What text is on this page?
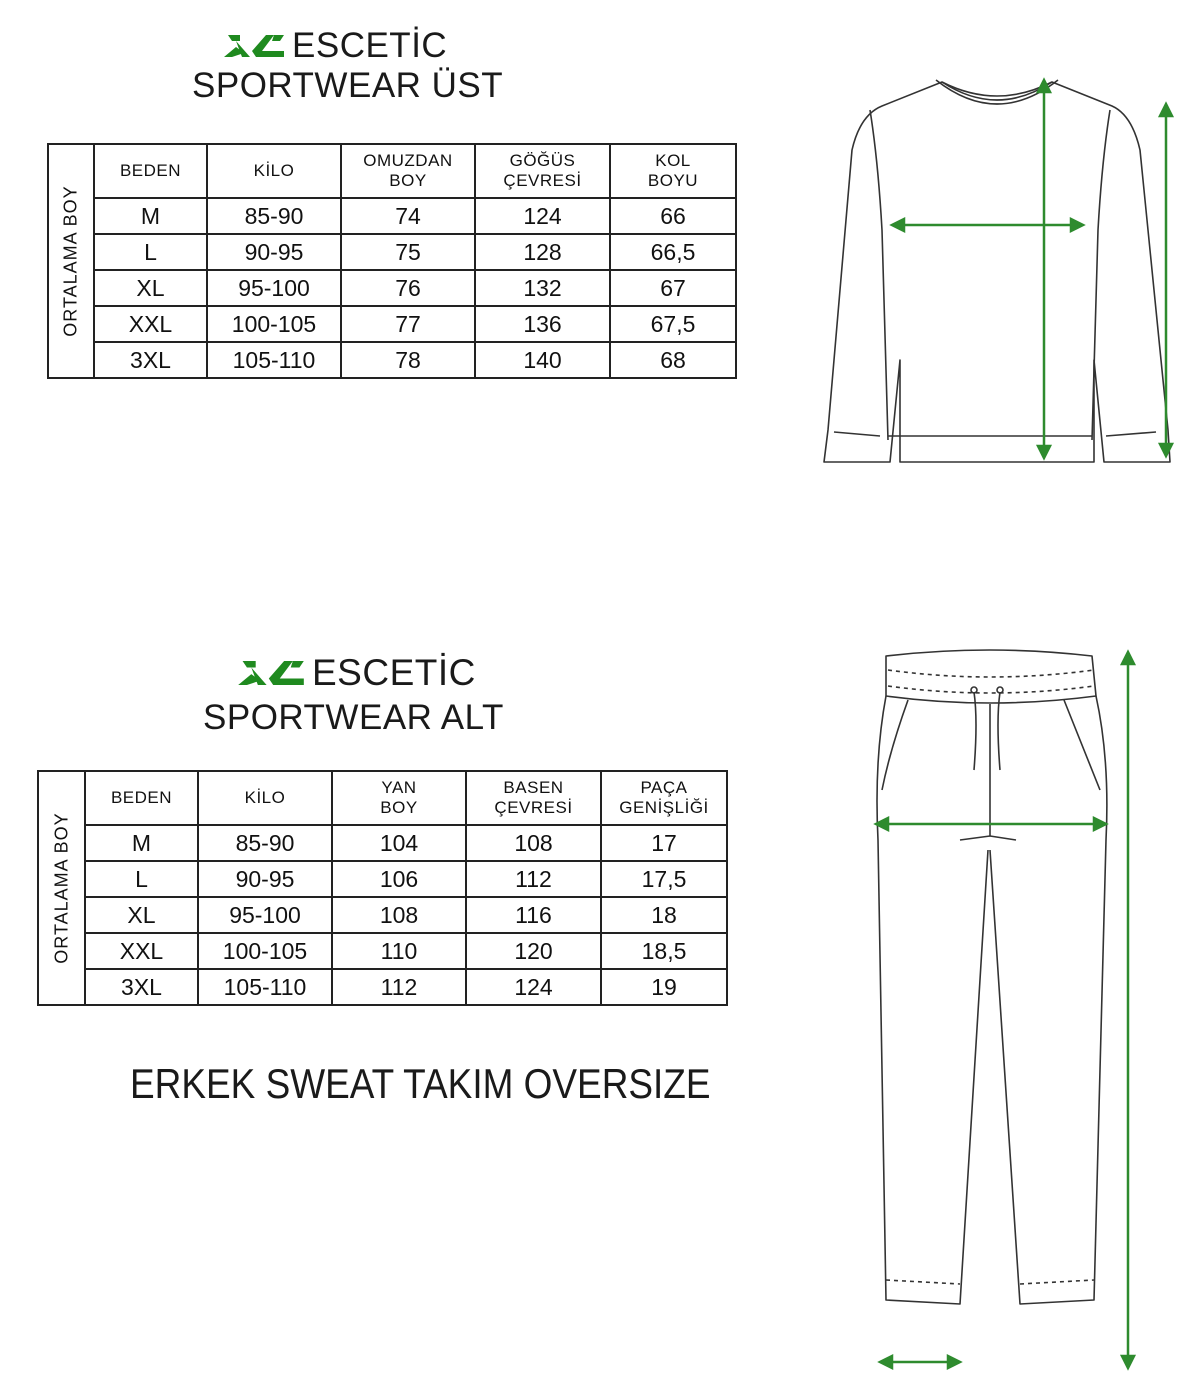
ESCETİC
SPORTWEAR ÜST
ORTALAMA BOY	BEDEN	KİLO	OMUZDAN BOY	GÖĞÜS ÇEVRESİ	KOL BOYU
	M	85-90	74	124	66
	L	90-95	75	128	66,5
	XL	95-100	76	132	67
	XXL	100-105	77	136	67,5
	3XL	105-110	78	140	68
ESCETİC
SPORTWEAR ALT
ORTALAMA BOY	BEDEN	KİLO	YAN BOY	BASEN ÇEVRESİ	PAÇA GENİŞLİĞİ
	M	85-90	104	108	17
	L	90-95	106	112	17,5
	XL	95-100	108	116	18
	XXL	100-105	110	120	18,5
	3XL	105-110	112	124	19
ERKEK SWEAT TAKIM OVERSIZE
